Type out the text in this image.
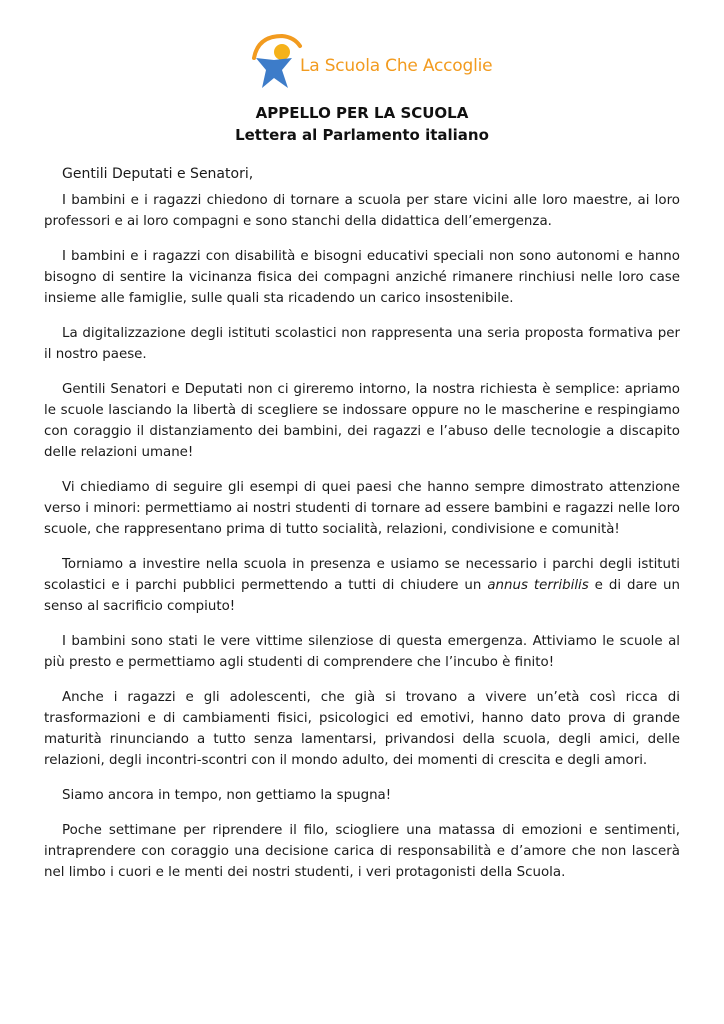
La Scuola Che Accoglie
APPELLO PER LA SCUOLA
Lettera al Parlamento italiano
Gentili Deputati e Senatori,

I bambini e i ragazzi chiedono di tornare a scuola per stare vicini alle loro maestre, ai loro professori e ai loro compagni e sono stanchi della didattica dell’emergenza.

I bambini e i ragazzi con disabilità e bisogni educativi speciali non sono autonomi e hanno bisogno di sentire la vicinanza fisica dei compagni anziché rimanere rinchiusi nelle loro case insieme alle famiglie, sulle quali sta ricadendo un carico insostenibile.

La digitalizzazione degli istituti scolastici non rappresenta una seria proposta formativa per il nostro paese.

Gentili Senatori e Deputati non ci gireremo intorno, la nostra richiesta è semplice: apriamo le scuole lasciando la libertà di scegliere se indossare oppure no le mascherine e respingiamo con coraggio il distanziamento dei bambini, dei ragazzi e l’abuso delle tecnologie a discapito delle relazioni umane!

Vi chiediamo di seguire gli esempi di quei paesi che hanno sempre dimostrato attenzione verso i minori: permettiamo ai nostri studenti di tornare ad essere bambini e ragazzi nelle loro scuole, che rappresentano prima di tutto socialità, relazioni, condivisione e comunità!

Torniamo a investire nella scuola in presenza e usiamo se necessario i parchi degli istituti scolastici e i parchi pubblici permettendo a tutti di chiudere un annus terribilis e di dare un senso al sacrificio compiuto!

I bambini sono stati le vere vittime silenziose di questa emergenza. Attiviamo le scuole al più presto e permettiamo agli studenti di comprendere che l’incubo è finito!

Anche i ragazzi e gli adolescenti, che già si trovano a vivere un’età così ricca di trasformazioni e di cambiamenti fisici, psicologici ed emotivi, hanno dato prova di grande maturità rinunciando a tutto senza lamentarsi, privandosi della scuola, degli amici, delle relazioni, degli incontri-scontri con il mondo adulto, dei momenti di crescita e degli amori.

Siamo ancora in tempo, non gettiamo la spugna!

Poche settimane per riprendere il filo, sciogliere una matassa di emozioni e sentimenti, intraprendere con coraggio una decisione carica di responsabilità e d’amore che non lascerà nel limbo i cuori e le menti dei nostri studenti, i veri protagonisti della Scuola.
